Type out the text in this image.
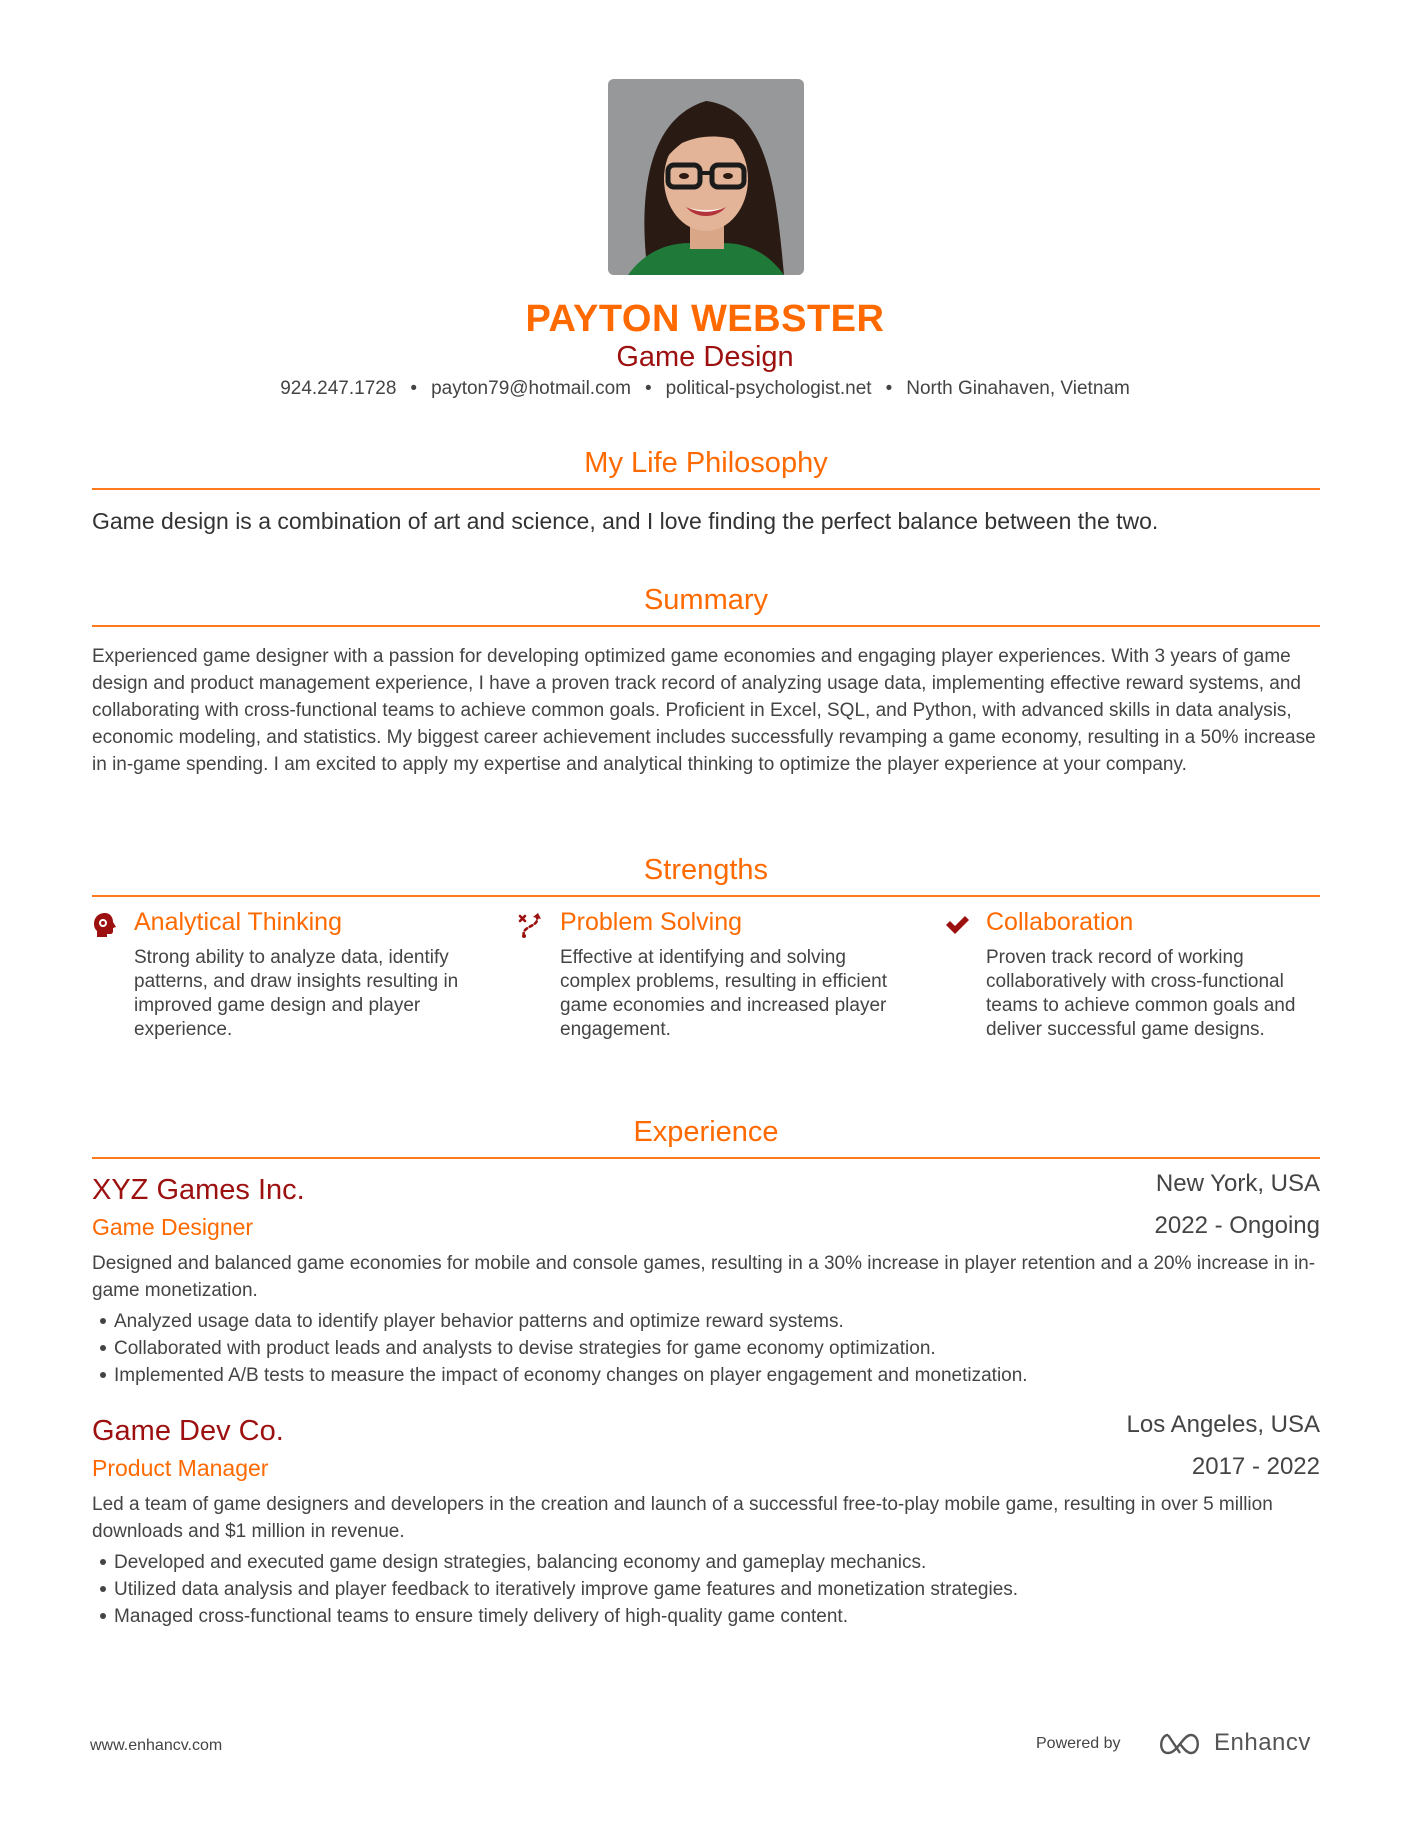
PAYTON WEBSTER
Game Design
924.247.1728 • payton79@hotmail.com • political-psychologist.net • North Ginahaven, Vietnam
My Life Philosophy
Game design is a combination of art and science, and I love finding the perfect balance between the two.
Summary
Experienced game designer with a passion for developing optimized game economies and engaging player experiences. With 3 years of game design and product management experience, I have a proven track record of analyzing usage data, implementing effective reward systems, and collaborating with cross-functional teams to achieve common goals. Proficient in Excel, SQL, and Python, with advanced skills in data analysis, economic modeling, and statistics. My biggest career achievement includes successfully revamping a game economy, resulting in a 50% increase in in-game spending. I am excited to apply my expertise and analytical thinking to optimize the player experience at your company.
Strengths
Analytical Thinking
Strong ability to analyze data, identify patterns, and draw insights resulting in improved game design and player experience.
Problem Solving
Effective at identifying and solving complex problems, resulting in efficient game economies and increased player engagement.
Collaboration
Proven track record of working collaboratively with cross-functional teams to achieve common goals and deliver successful game designs.
Experience
XYZ Games Inc.	New York, USA
Game Designer	2022 - Ongoing
Designed and balanced game economies for mobile and console games, resulting in a 30% increase in player retention and a 20% increase in in-game monetization.
Analyzed usage data to identify player behavior patterns and optimize reward systems.
Collaborated with product leads and analysts to devise strategies for game economy optimization.
Implemented A/B tests to measure the impact of economy changes on player engagement and monetization.
Game Dev Co.	Los Angeles, USA
Product Manager	2017 - 2022
Led a team of game designers and developers in the creation and launch of a successful free-to-play mobile game, resulting in over 5 million downloads and $1 million in revenue.
Developed and executed game design strategies, balancing economy and gameplay mechanics.
Utilized data analysis and player feedback to iteratively improve game features and monetization strategies.
Managed cross-functional teams to ensure timely delivery of high-quality game content.
www.enhancv.com	Powered by	Enhancv
